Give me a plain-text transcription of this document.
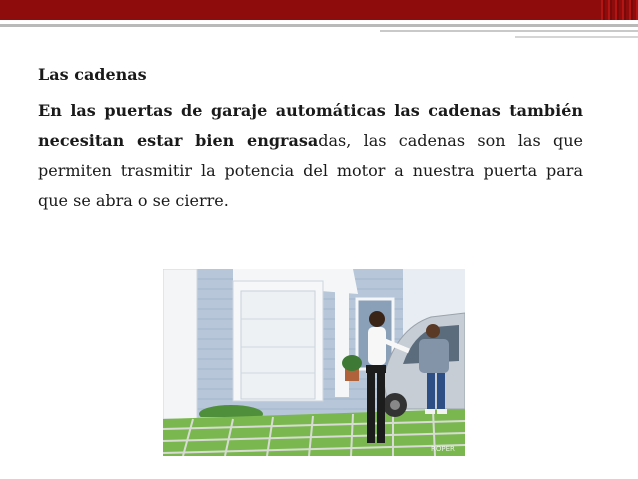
Las cadenas

En las puertas de garaje automáticas las cadenas también necesitan estar bien engrasadas, las cadenas son las que permiten trasmitir la potencia del motor a nuestra puerta para que se abra o se cierre.

ROPER
